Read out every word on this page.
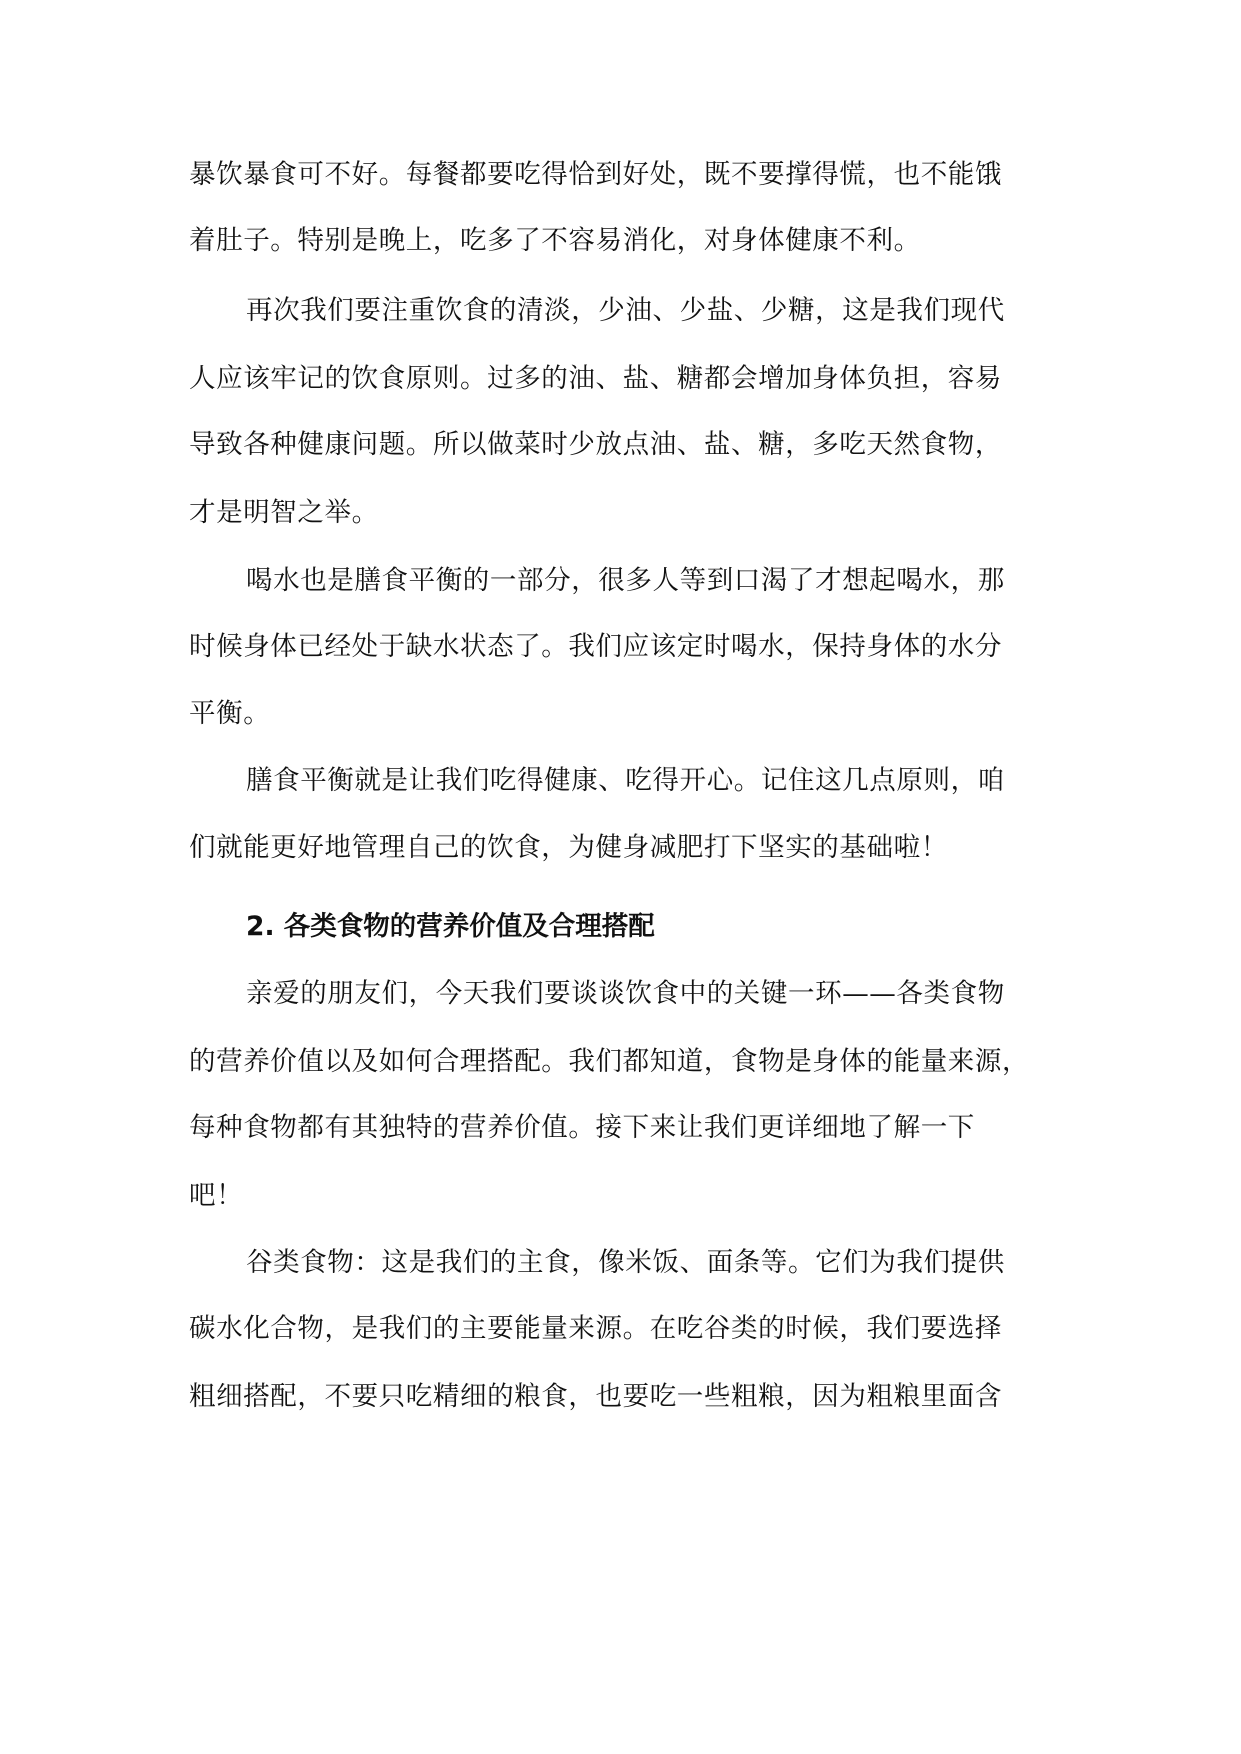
暴饮暴食可不好。每餐都要吃得恰到好处，既不要撑得慌，也不能饿
着肚子。特别是晚上，吃多了不容易消化，对身体健康不利。
再次我们要注重饮食的清淡，少油、少盐、少糖，这是我们现代
人应该牢记的饮食原则。过多的油、盐、糖都会增加身体负担，容易
导致各种健康问题。所以做菜时少放点油、盐、糖，多吃天然食物，
才是明智之举。
喝水也是膳食平衡的一部分，很多人等到口渴了才想起喝水，那
时候身体已经处于缺水状态了。我们应该定时喝水，保持身体的水分
平衡。
膳食平衡就是让我们吃得健康、吃得开心。记住这几点原则，咱
们就能更好地管理自己的饮食，为健身减肥打下坚实的基础啦！
2. 各类食物的营养价值及合理搭配
亲爱的朋友们，今天我们要谈谈饮食中的关键一环——各类食物
的营养价值以及如何合理搭配。我们都知道，食物是身体的能量来源，
每种食物都有其独特的营养价值。接下来让我们更详细地了解一下
吧！
谷类食物：这是我们的主食，像米饭、面条等。它们为我们提供
碳水化合物，是我们的主要能量来源。在吃谷类的时候，我们要选择
粗细搭配，不要只吃精细的粮食，也要吃一些粗粮，因为粗粮里面含
